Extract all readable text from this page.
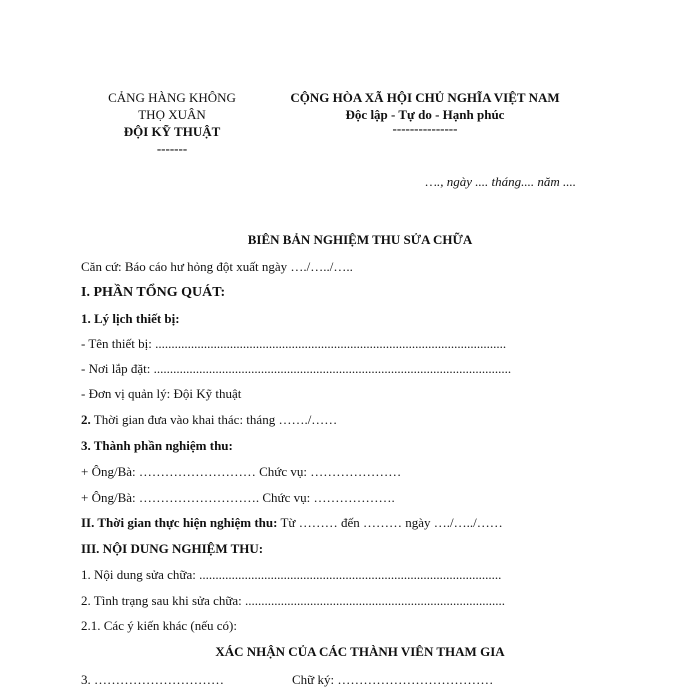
CẢNG HÀNG KHÔNG
THỌ XUÂN
ĐỘI KỸ THUẬT
-------
CỘNG HÒA XÃ HỘI CHỦ NGHĨA VIỆT NAM
Độc lập - Tự do - Hạnh phúc
---------------
…., ngày .... tháng.... năm ....
BIÊN BẢN NGHIỆM THU SỬA CHỮA
Căn cứ: Báo cáo hư hỏng đột xuất ngày …./…../…..
I. PHẦN TỔNG QUÁT:
1. Lý lịch thiết bị:
- Tên thiết bị: ............................................................................................................
- Nơi lắp đặt: ..............................................................................................................
- Đơn vị quản lý: Đội Kỹ thuật
2. Thời gian đưa vào khai thác: tháng ……./……
3. Thành phần nghiệm thu:
+ Ông/Bà: ……………………… Chức vụ: …………………
+ Ông/Bà: ………………………. Chức vụ: ……………….
II. Thời gian thực hiện nghiệm thu: Từ ……… đến ……… ngày …./…../……
III. NỘI DUNG NGHIỆM THU:
1. Nội dung sửa chữa: .............................................................................................
2. Tình trạng sau khi sửa chữa: ................................................................................
2.1. Các ý kiến khác (nếu có):
XÁC NHẬN CỦA CÁC THÀNH VIÊN THAM GIA
3. …………………………	Chữ ký: ………………………………
